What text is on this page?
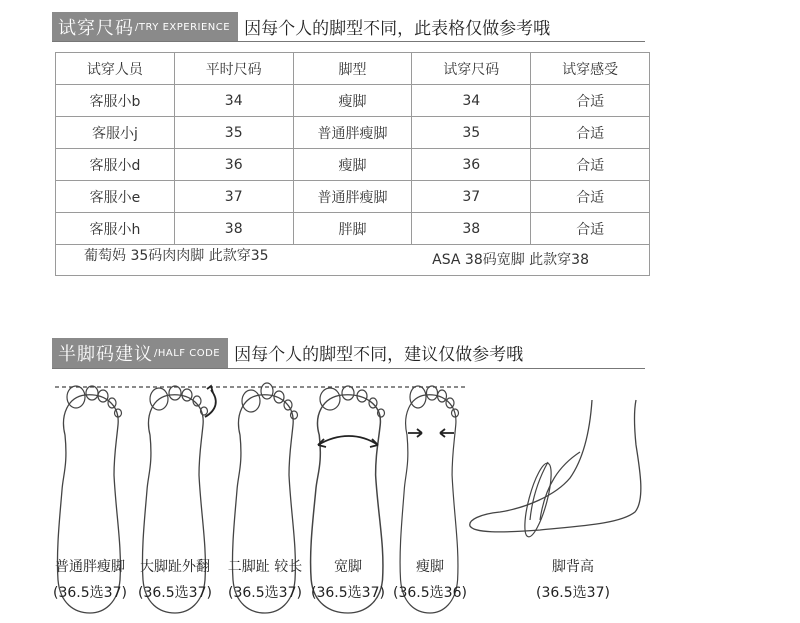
试穿尺码 /TRY EXPERIENCE 因每个人的脚型不同，此表格仅做参考哦
试穿人员	平时尺码	脚型	试穿尺码	试穿感受
客服小b	34	瘦脚	34	合适
客服小j	35	普通胖瘦脚	35	合适
客服小d	36	瘦脚	36	合适
客服小e	37	普通胖瘦脚	37	合适
客服小h	38	胖脚	38	合适
葡萄妈 35码肉肉脚 此款穿35 ASA 38码宽脚 此款穿38				
半脚码建议 /HALF CODE 因每个人的脚型不同，建议仅做参考哦
普通胖瘦脚
(36.5选37)
大脚趾外翻
(36.5选37)
二脚趾 较长
(36.5选37)
宽脚
(36.5选37)
瘦脚
(36.5选36)
脚背高
(36.5选37)
